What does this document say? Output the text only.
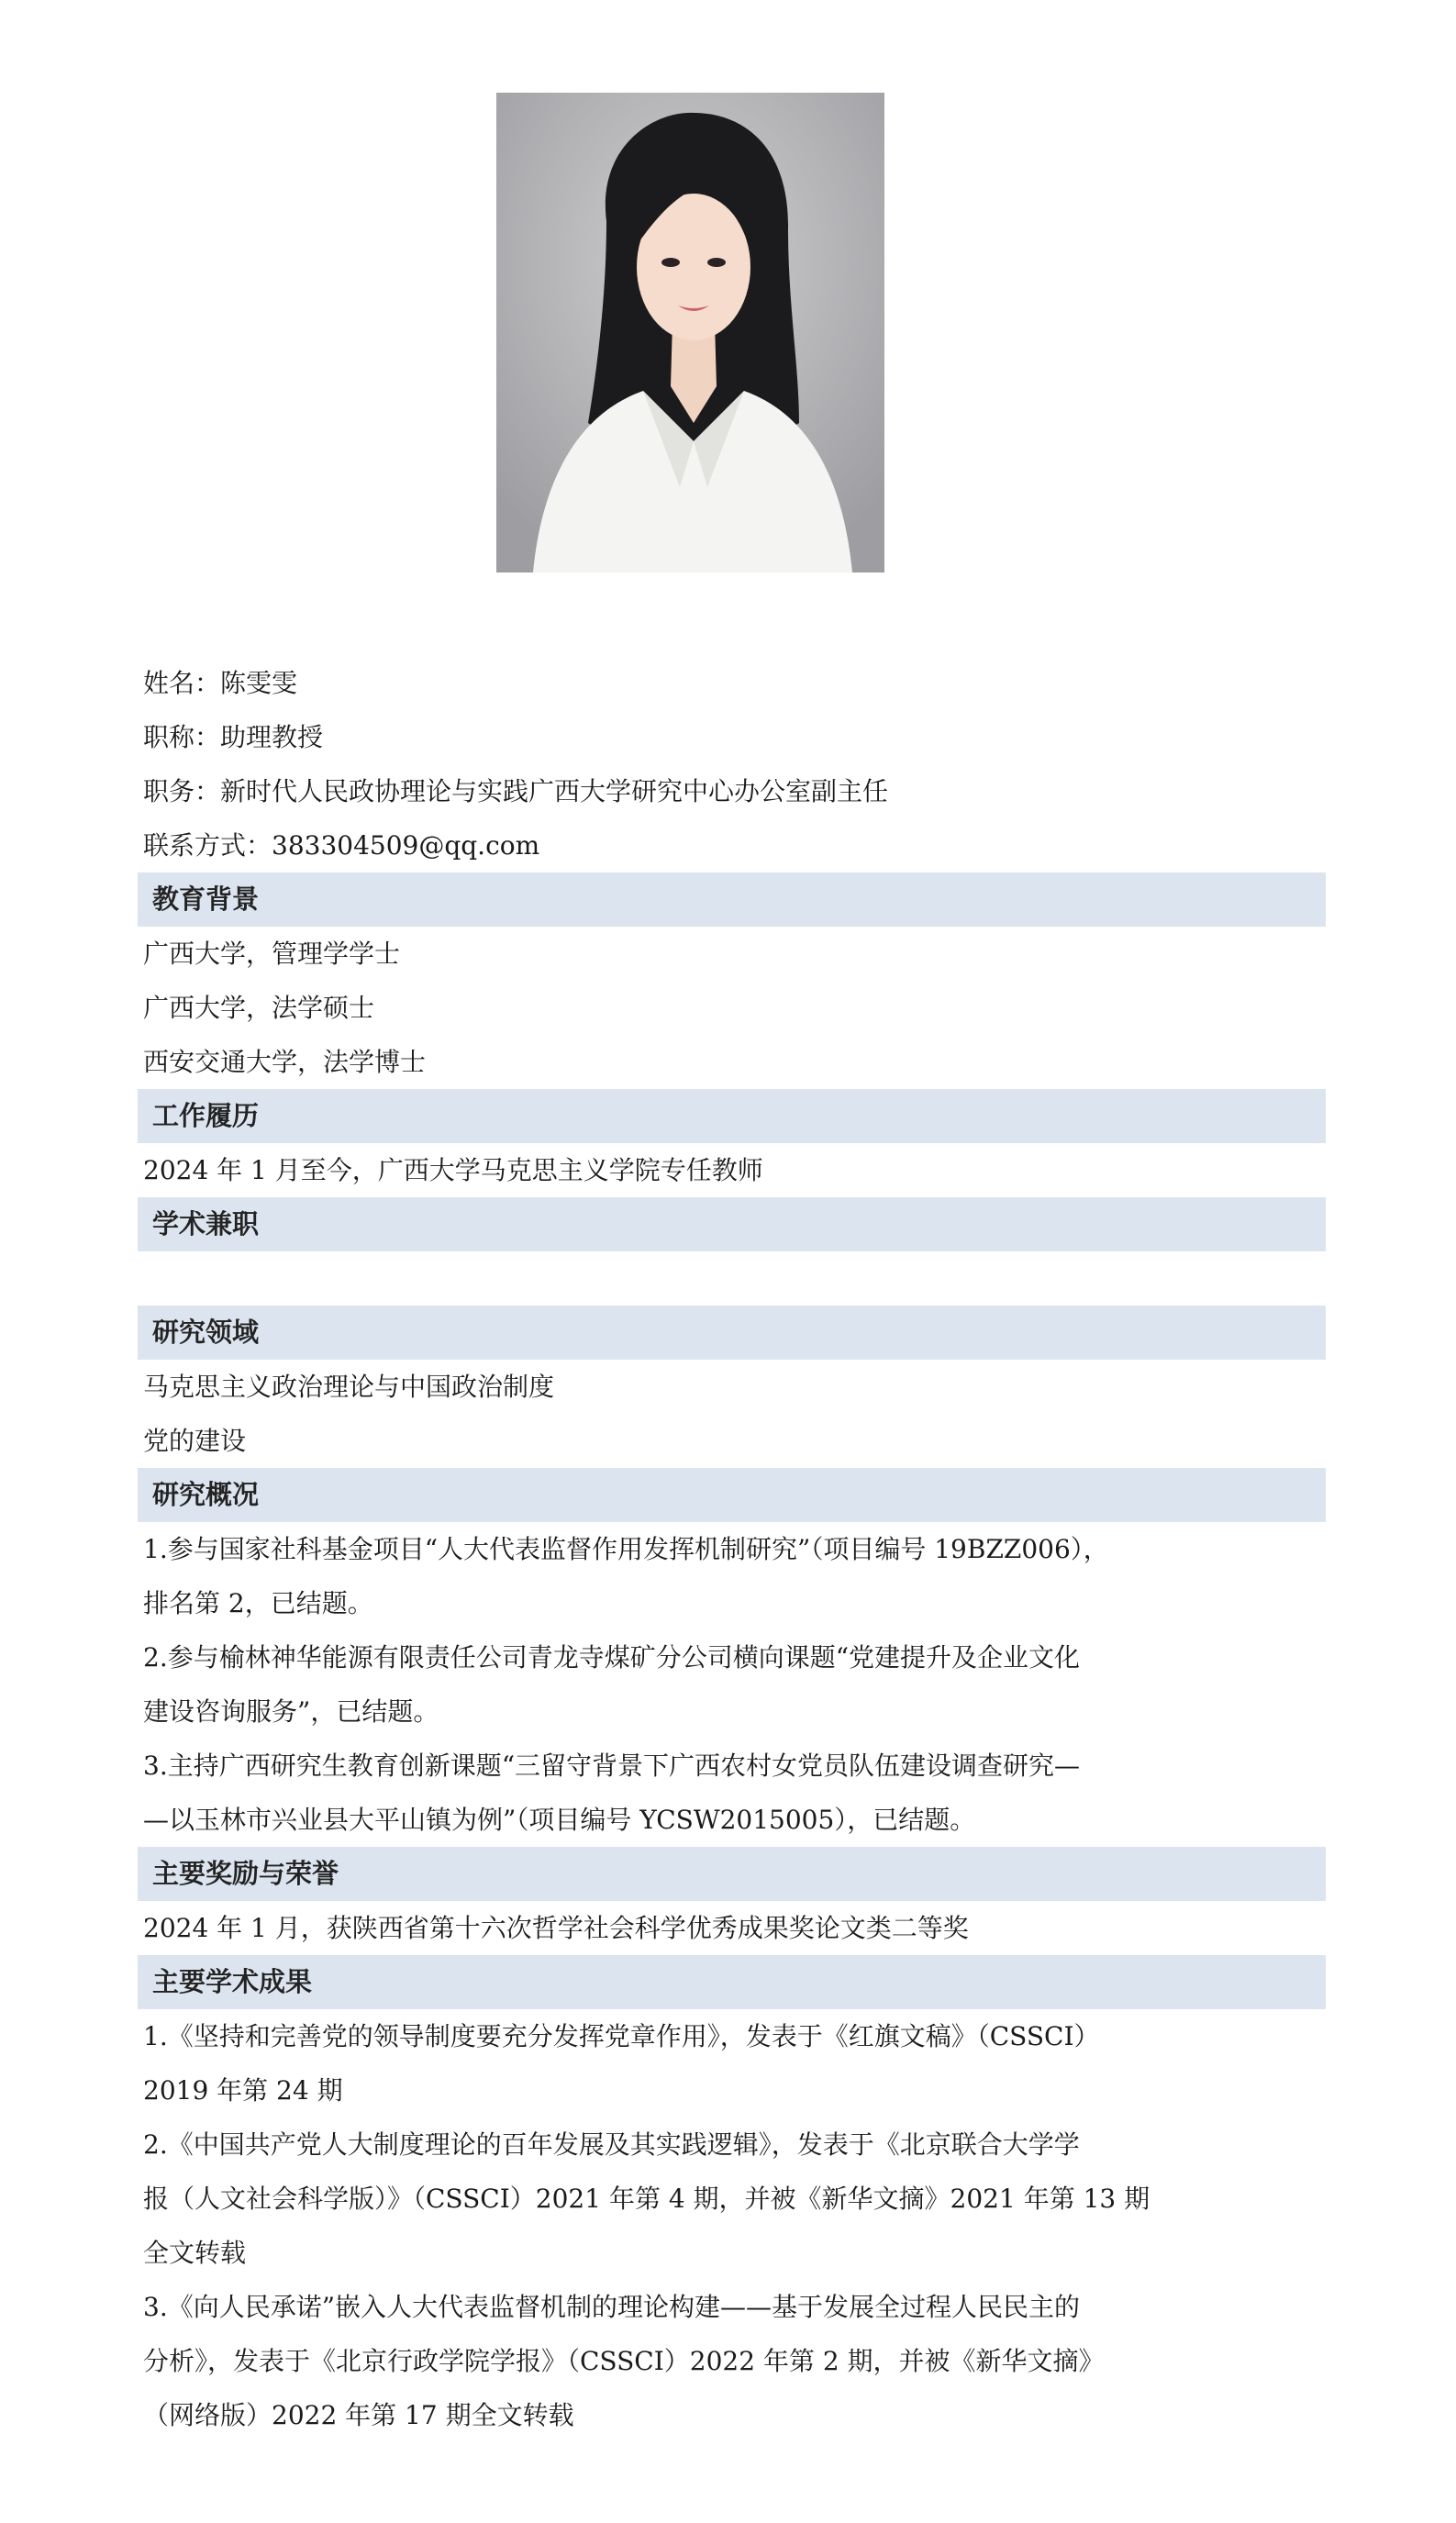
姓名：陈雯雯
职称：助理教授
职务：新时代人民政协理论与实践广西大学研究中心办公室副主任
联系方式：383304509@qq.com
教育背景
广西大学，管理学学士
广西大学，法学硕士
西安交通大学，法学博士
工作履历
2024 年 1 月至今，广西大学马克思主义学院专任教师
学术兼职
研究领域
马克思主义政治理论与中国政治制度
党的建设
研究概况
1.参与国家社科基金项目“人大代表监督作用发挥机制研究”（项目编号 19BZZ006），
排名第 2，已结题。
2.参与榆林神华能源有限责任公司青龙寺煤矿分公司横向课题“党建提升及企业文化
建设咨询服务”，已结题。
3.主持广西研究生教育创新课题“三留守背景下广西农村女党员队伍建设调查研究—
—以玉林市兴业县大平山镇为例”（项目编号 YCSW2015005），已结题。
主要奖励与荣誉
2024 年 1 月，获陕西省第十六次哲学社会科学优秀成果奖论文类二等奖
主要学术成果
1.《坚持和完善党的领导制度要充分发挥党章作用》，发表于《红旗文稿》（CSSCI）
2019 年第 24 期
2.《中国共产党人大制度理论的百年发展及其实践逻辑》，发表于《北京联合大学学
报（人文社会科学版）》（CSSCI）2021 年第 4 期，并被《新华文摘》2021 年第 13 期
全文转载
3.《向人民承诺”嵌入人大代表监督机制的理论构建——基于发展全过程人民民主的
分析》，发表于《北京行政学院学报》（CSSCI）2022 年第 2 期，并被《新华文摘》
（网络版）2022 年第 17 期全文转载
